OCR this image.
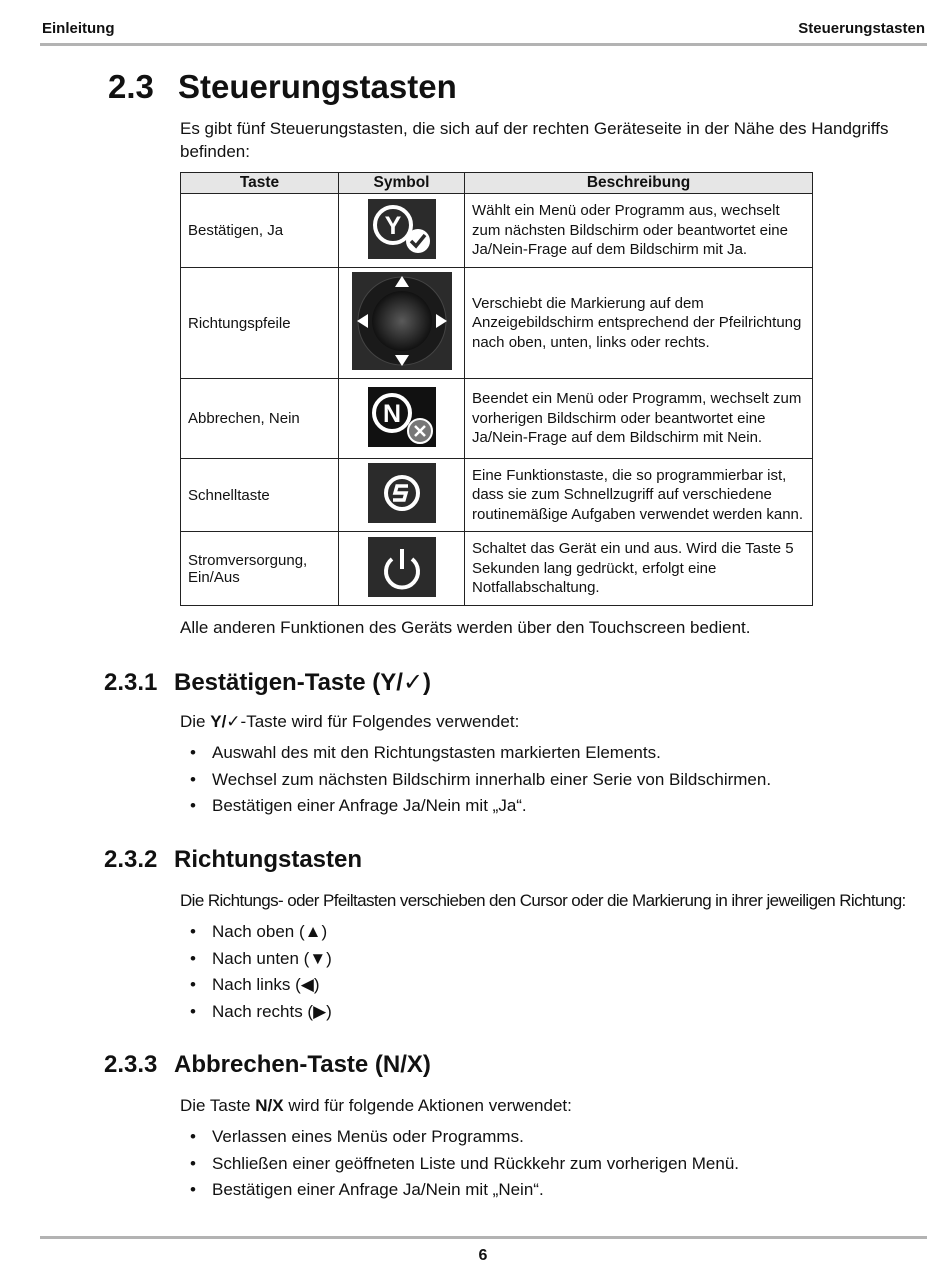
Einleitung	Steuerungstasten
2.3 Steuerungstasten
Es gibt fünf Steuerungstasten, die sich auf der rechten Geräteseite in der Nähe des Handgriffs befinden:
Taste	Symbol	Beschreibung
Bestätigen, Ja	Y	Wählt ein Menü oder Programm aus, wechselt zum nächsten Bildschirm oder beantwortet eine Ja/Nein-Frage auf dem Bildschirm mit Ja.
Richtungspfeile		Verschiebt die Markierung auf dem Anzeigebildschirm entsprechend der Pfeilrichtung nach oben, unten, links oder rechts.
Abbrechen, Nein	N	Beendet ein Menü oder Programm, wechselt zum vorherigen Bildschirm oder beantwortet eine Ja/Nein-Frage auf dem Bildschirm mit Nein.
Schnelltaste		Eine Funktionstaste, die so programmierbar ist, dass sie zum Schnellzugriff auf verschiedene routinemäßige Aufgaben verwendet werden kann.
Stromversorgung, Ein/Aus		Schaltet das Gerät ein und aus. Wird die Taste 5 Sekunden lang gedrückt, erfolgt eine Notfallabschaltung.
Alle anderen Funktionen des Geräts werden über den Touchscreen bedient.
2.3.1 Bestätigen-Taste (Y/✓)
Die Y/✓-Taste wird für Folgendes verwendet:
• Auswahl des mit den Richtungstasten markierten Elements.
• Wechsel zum nächsten Bildschirm innerhalb einer Serie von Bildschirmen.
• Bestätigen einer Anfrage Ja/Nein mit „Ja“.
2.3.2 Richtungstasten
Die Richtungs- oder Pfeiltasten verschieben den Cursor oder die Markierung in ihrer jeweiligen Richtung:
• Nach oben (▲)
• Nach unten (▼)
• Nach links (◀)
• Nach rechts (▶)
2.3.3 Abbrechen-Taste (N/X)
Die Taste N/X wird für folgende Aktionen verwendet:
• Verlassen eines Menüs oder Programms.
• Schließen einer geöffneten Liste und Rückkehr zum vorherigen Menü.
• Bestätigen einer Anfrage Ja/Nein mit „Nein“.
6
